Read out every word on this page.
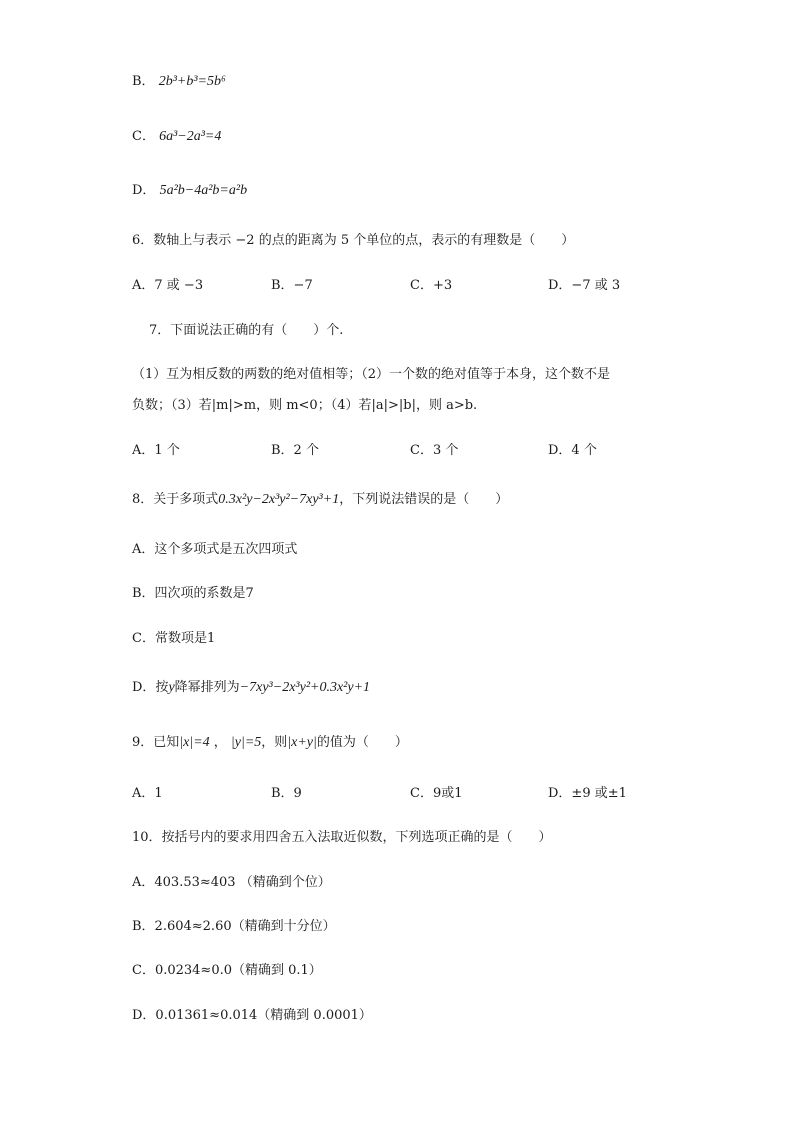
B． 2b³+b³=5b⁶
C． 6a³−2a³=4
D． 5a²b−4a²b=a²b
6．数轴上与表示 −2 的点的距离为 5 个单位的点，表示的有理数是（　　）
A．7 或 −3	B．−7	C．+3	D．−7 或 3
7．下面说法正确的有（　　）个.
（1）互为相反数的两数的绝对值相等；（2）一个数的绝对值等于本身，这个数不是
负数；（3）若|m|>m，则 m<0；（4）若|a|>|b|，则 a>b.
A．1 个	B．2 个	C．3 个	D．4 个
8．关于多项式0.3x²y−2x³y²−7xy³+1，下列说法错误的是（　　）
A．这个多项式是五次四项式
B．四次项的系数是7
C．常数项是1
D．按y降幂排列为−7xy³−2x³y²+0.3x²y+1
9．已知|x|=4 ， |y|=5，则|x+y|的值为（　　）
A．1	B．9	C．9或1	D．±9 或±1
10．按括号内的要求用四舍五入法取近似数，下列选项正确的是（　　）
A．403.53≈403 （精确到个位）
B．2.604≈2.60（精确到十分位）
C．0.0234≈0.0（精确到 0.1）
D．0.01361≈0.014（精确到 0.0001）
